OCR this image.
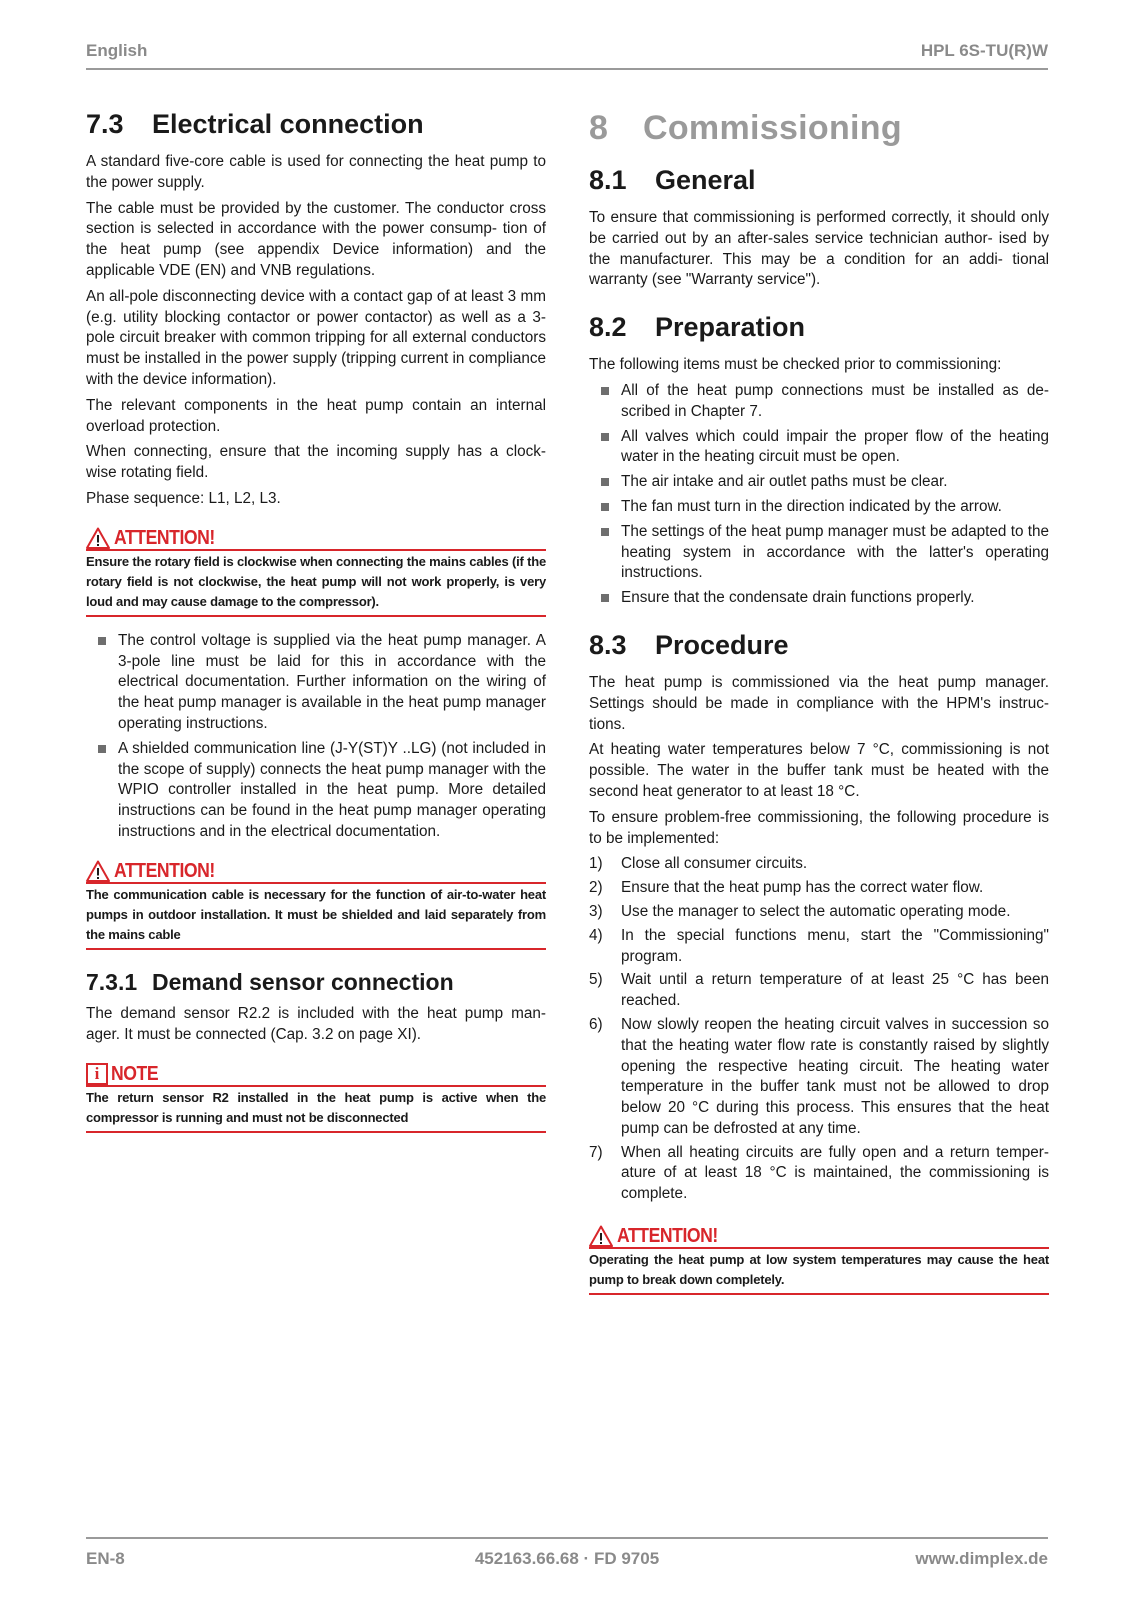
English	HPL 6S-TU(R)W
7.3	Electrical connection

A standard five-core cable is used for connecting the heat pump to the power supply.

The cable must be provided by the customer. The conductor cross section is selected in accordance with the power consump- tion of the heat pump (see appendix Device information) and the applicable VDE (EN) and VNB regulations.

An all-pole disconnecting device with a contact gap of at least 3 mm (e.g. utility blocking contactor or power contactor) as well as a 3-pole circuit breaker with common tripping for all external conductors must be installed in the power supply (tripping current in compliance with the device information).

The relevant components in the heat pump contain an internal overload protection.

When connecting, ensure that the incoming supply has a clock- wise rotating field.

Phase sequence: L1, L2, L3.

ATTENTION!
Ensure the rotary field is clockwise when connecting the mains cables (if the rotary field is not clockwise, the heat pump will not work properly, is very loud and may cause damage to the compressor).
The control voltage is supplied via the heat pump manager. A 3-pole line must be laid for this in accordance with the electrical documentation. Further information on the wiring of the heat pump manager is available in the heat pump manager operating instructions.
A shielded communication line (J-Y(ST)Y ..LG) (not included in the scope of supply) connects the heat pump manager with the WPIO controller installed in the heat pump. More detailed instructions can be found in the heat pump manager operating instructions and in the electrical documentation.
ATTENTION!
The communication cable is necessary for the function of air-to-water heat pumps in outdoor installation. It must be shielded and laid separately from the mains cable
7.3.1 Demand sensor connection

The demand sensor R2.2 is included with the heat pump man- ager. It must be connected (Cap. 3.2 on page XI).

i NOTE
The return sensor R2 installed in the heat pump is active when the compressor is running and must not be disconnected
8	Commissioning
8.1	General

To ensure that commissioning is performed correctly, it should only be carried out by an after-sales service technician author- ised by the manufacturer. This may be a condition for an addi- tional warranty (see "Warranty service").

8.2	Preparation

The following items must be checked prior to commissioning:

All of the heat pump connections must be installed as de- scribed in Chapter 7.
All valves which could impair the proper flow of the heating water in the heating circuit must be open.
The air intake and air outlet paths must be clear.
The fan must turn in the direction indicated by the arrow.
The settings of the heat pump manager must be adapted to the heating system in accordance with the latter's operating instructions.
Ensure that the condensate drain functions properly.
8.3	Procedure

The heat pump is commissioned via the heat pump manager. Settings should be made in compliance with the HPM's instruc- tions.

At heating water temperatures below 7 °C, commissioning is not possible. The water in the buffer tank must be heated with the second heat generator to at least 18 °C.

To ensure problem-free commissioning, the following procedure is to be implemented:

1) Close all consumer circuits.
2) Ensure that the heat pump has the correct water flow.
3) Use the manager to select the automatic operating mode.
4) In the special functions menu, start the "Commissioning" program.
5) Wait until a return temperature of at least 25 °C has been reached.
6) Now slowly reopen the heating circuit valves in succession so that the heating water flow rate is constantly raised by slightly opening the respective heating circuit. The heating water temperature in the buffer tank must not be allowed to drop below 20 °C during this process. This ensures that the heat pump can be defrosted at any time.
7) When all heating circuits are fully open and a return temper- ature of at least 18 °C is maintained, the commissioning is complete.
ATTENTION!
Operating the heat pump at low system temperatures may cause the heat pump to break down completely.
EN-8	452163.66.68 · FD 9705	www.dimplex.de
